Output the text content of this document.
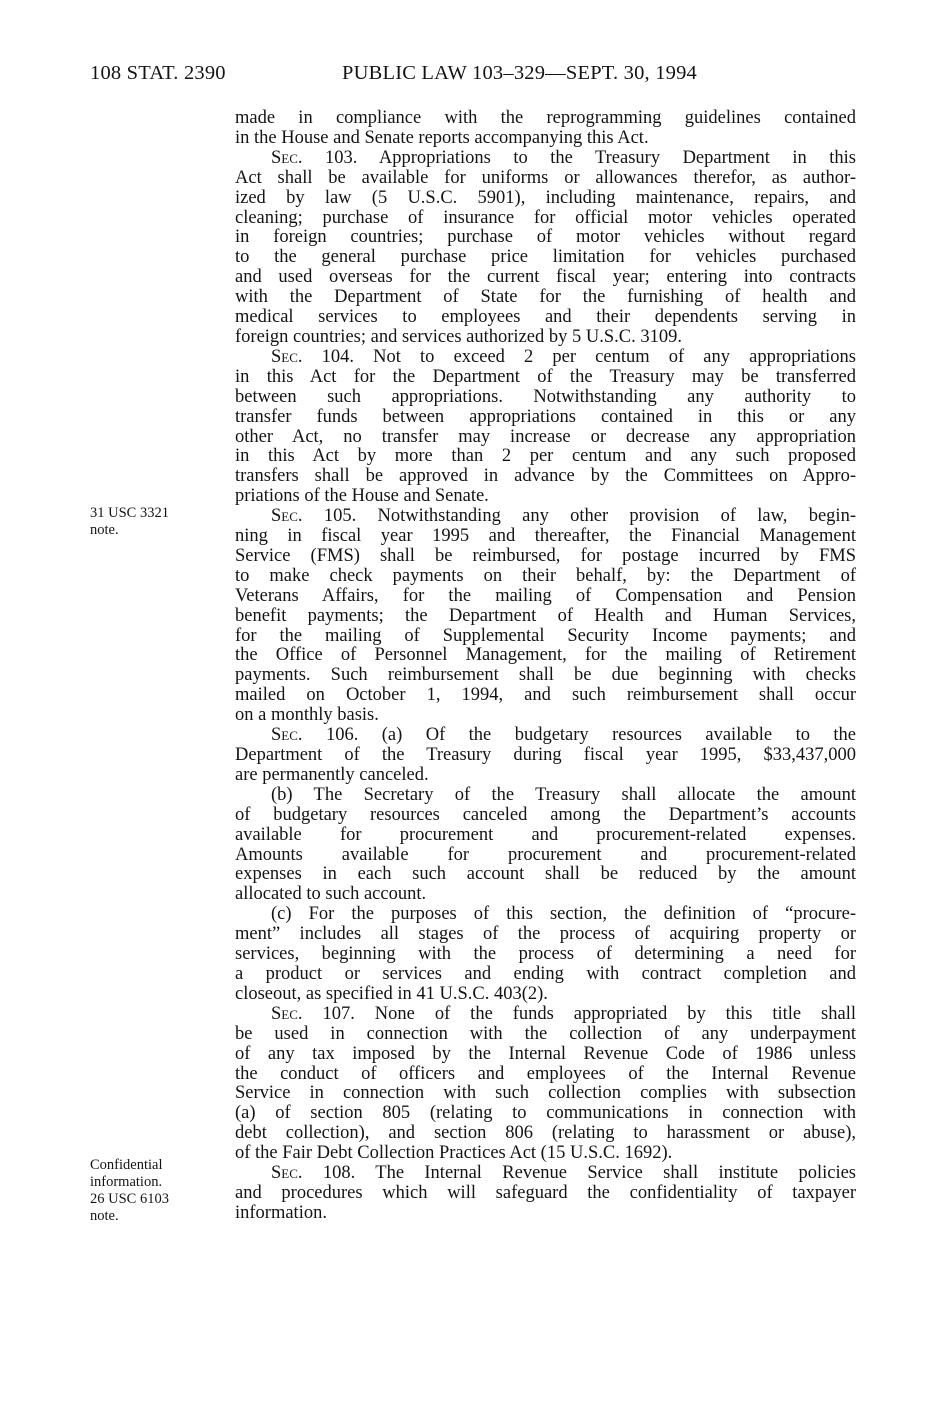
108 STAT. 2390	PUBLIC LAW 103–329—SEPT. 30, 1994
31 USC 3321
note.
Confidential
information.
26 USC 6103
note.
made in compliance with the reprogramming guidelines contained
in the House and Senate reports accompanying this Act.
Sec. 103. Appropriations to the Treasury Department in this
Act shall be available for uniforms or allowances therefor, as author-
ized by law (5 U.S.C. 5901), including maintenance, repairs, and
cleaning; purchase of insurance for official motor vehicles operated
in foreign countries; purchase of motor vehicles without regard
to the general purchase price limitation for vehicles purchased
and used overseas for the current fiscal year; entering into contracts
with the Department of State for the furnishing of health and
medical services to employees and their dependents serving in
foreign countries; and services authorized by 5 U.S.C. 3109.
Sec. 104. Not to exceed 2 per centum of any appropriations
in this Act for the Department of the Treasury may be transferred
between such appropriations. Notwithstanding any authority to
transfer funds between appropriations contained in this or any
other Act, no transfer may increase or decrease any appropriation
in this Act by more than 2 per centum and any such proposed
transfers shall be approved in advance by the Committees on Appro-
priations of the House and Senate.
Sec. 105. Notwithstanding any other provision of law, begin-
ning in fiscal year 1995 and thereafter, the Financial Management
Service (FMS) shall be reimbursed, for postage incurred by FMS
to make check payments on their behalf, by: the Department of
Veterans Affairs, for the mailing of Compensation and Pension
benefit payments; the Department of Health and Human Services,
for the mailing of Supplemental Security Income payments; and
the Office of Personnel Management, for the mailing of Retirement
payments. Such reimbursement shall be due beginning with checks
mailed on October 1, 1994, and such reimbursement shall occur
on a monthly basis.
Sec. 106. (a) Of the budgetary resources available to the
Department of the Treasury during fiscal year 1995, $33,437,000
are permanently canceled.
(b) The Secretary of the Treasury shall allocate the amount
of budgetary resources canceled among the Department’s accounts
available for procurement and procurement-related expenses.
Amounts available for procurement and procurement-related
expenses in each such account shall be reduced by the amount
allocated to such account.
(c) For the purposes of this section, the definition of “procure-
ment” includes all stages of the process of acquiring property or
services, beginning with the process of determining a need for
a product or services and ending with contract completion and
closeout, as specified in 41 U.S.C. 403(2).
Sec. 107. None of the funds appropriated by this title shall
be used in connection with the collection of any underpayment
of any tax imposed by the Internal Revenue Code of 1986 unless
the conduct of officers and employees of the Internal Revenue
Service in connection with such collection complies with subsection
(a) of section 805 (relating to communications in connection with
debt collection), and section 806 (relating to harassment or abuse),
of the Fair Debt Collection Practices Act (15 U.S.C. 1692).
Sec. 108. The Internal Revenue Service shall institute policies
and procedures which will safeguard the confidentiality of taxpayer
information.
